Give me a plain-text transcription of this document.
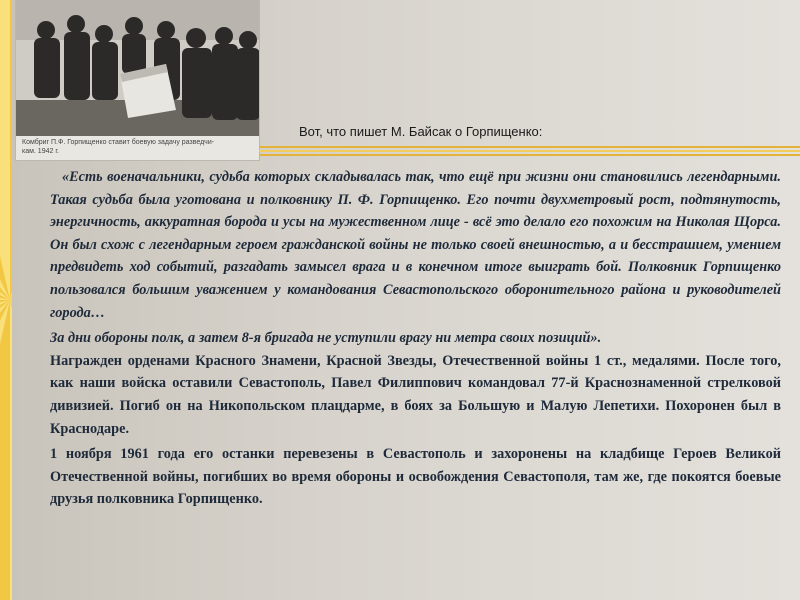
Комбриг П.Ф. Горпищенко ставит боевую задачу разведчи-
кам. 1942 г.
Вот, что пишет М. Байсак о Горпищенко:

«Есть военачальники, судьба которых складывалась так, что ещё при жизни они становились легендарными. Такая судьба была уготована и полковнику П. Ф. Горпищенко. Его почти двухметровый рост, подтянутость, энергичность, аккуратная борода и усы на мужественном лице - всё это делало его похожим на Николая Щорса. Он был схож с легендарным героем гражданской войны не только своей внешностью, а и бесстрашием, умением предвидеть ход событий, разгадать замысел врага и в конечном итоге выиграть бой. Полковник Горпищенко пользовался большим уважением у командования Севастопольского оборонительного района и руководителей города…

За дни обороны полк, а затем 8-я бригада не уступили врагу ни метра своих позиций».

Награжден орденами Красного Знамени, Красной Звезды, Отечественной войны 1 ст., медалями. После того, как наши войска оставили Севастополь, Павел Филиппович командовал 77-й Краснознаменной стрелковой дивизией. Погиб он на Никопольском плацдарме, в боях за Большую и Малую Лепетихи. Похоронен был в Краснодаре.

1 ноября 1961 года его останки перевезены в Севастополь и захоронены на кладбище Героев Великой Отечественной войны, погибших во время обороны и освобождения Севастополя, там же, где покоятся боевые друзья полковника Горпищенко.
